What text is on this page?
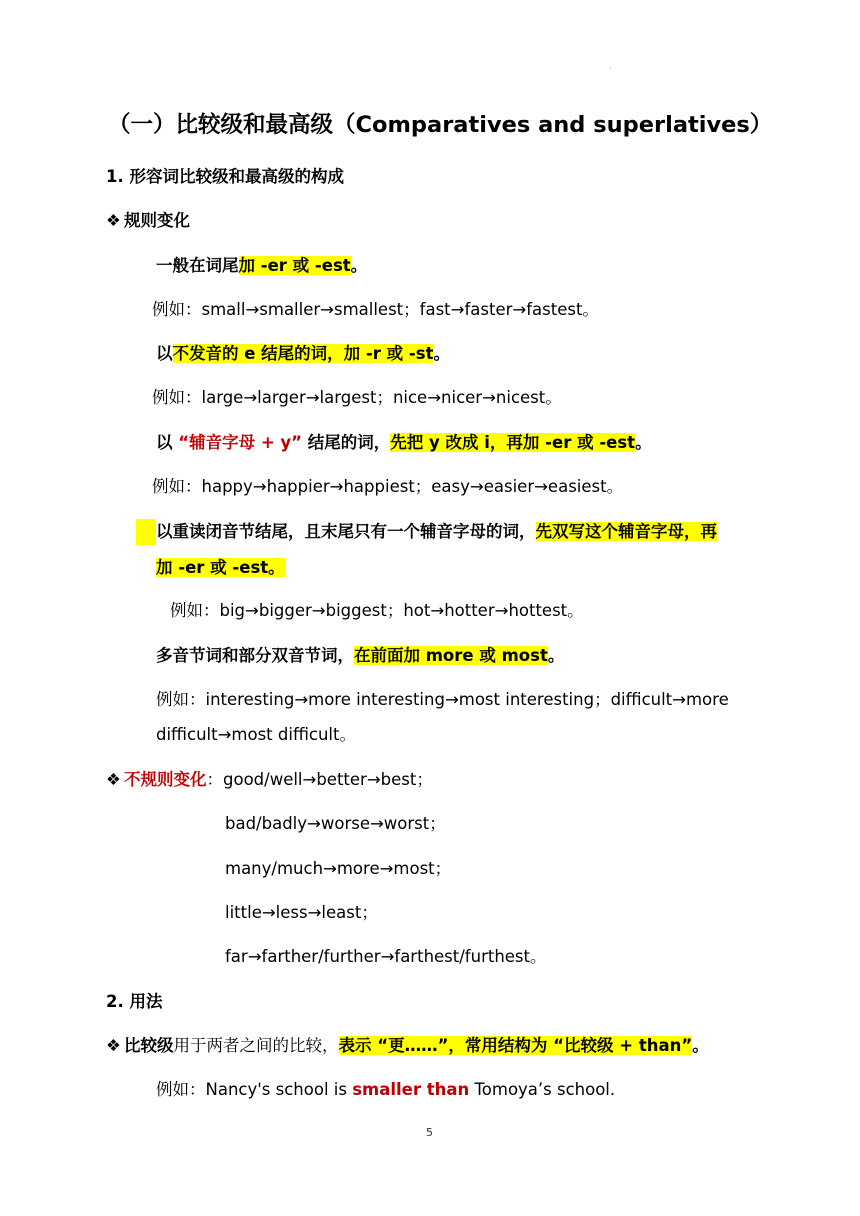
·
（一）比较级和最高级（Comparatives and superlatives）
1. 形容词比较级和最高级的构成
❖ 规则变化
一般在词尾加 -er 或 -est。
例如：small→smaller→smallest；fast→faster→fastest。
以不发音的 e 结尾的词，加 -r 或 -st。
例如：large→larger→largest；nice→nicer→nicest。
以 “辅音字母 + y” 结尾的词，先把 y 改成 i，再加 -er 或 -est。
例如：happy→happier→happiest；easy→easier→easiest。
以重读闭音节结尾，且末尾只有一个辅音字母的词，先双写这个辅音字母，再
加 -er 或 -est。
例如：big→bigger→biggest；hot→hotter→hottest。
多音节词和部分双音节词，在前面加 more 或 most。
例如：interesting→more interesting→most interesting；difficult→more
difficult→most difficult。
❖ 不规则变化：good/well→better→best；
bad/badly→worse→worst；
many/much→more→most；
little→less→least；
far→farther/further→farthest/furthest。
2. 用法
❖ 比较级用于两者之间的比较，表示 “更……”，常用结构为 “比较级 + than”。
例如：Nancy's school is smaller than Tomoya’s school.
5
